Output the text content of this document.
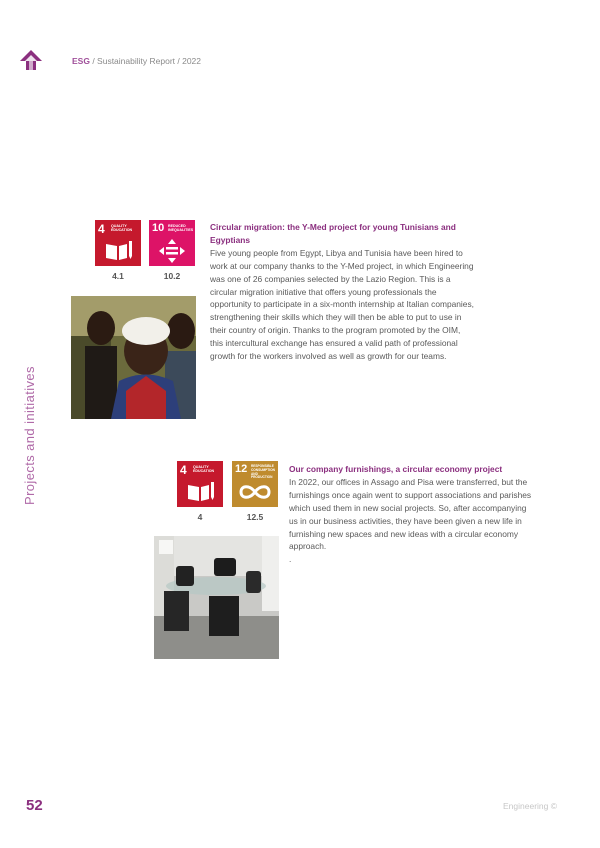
ESG / Sustainability Report / 2022
Projects and initiatives
4 QUALITY EDUCATION	10 REDUCED INEQUALITIES
4.1	10.2
Circular migration: the Y-Med project for young Tunisians and Egyptians

Five young people from Egypt, Libya and Tunisia have been hired to work at our company thanks to the Y-Med project, in which Engineering was one of 26 companies selected by the Lazio Region. This is a circular migration initiative that offers young professionals the opportunity to participate in a six-month internship at Italian companies, strengthening their skills which they will then be able to put to use in their country of origin. Thanks to the program promoted by the OIM, this intercultural exchange has ensured a valid path of professional growth for the workers involved as well as growth for our teams.

4 QUALITY EDUCATION	12 RESPONSIBLE CONSUMPTION AND PRODUCTION
4	12.5
Our company furnishings, a circular economy project

In 2022, our offices in Assago and Pisa were transferred, but the furnishings once again went to support associations and parishes which used them in new social projects. So, after accompanying us in our business activities, they have been given a new life in furnishing new spaces and new ideas with a circular economy approach.

.

52	Engineering ©
